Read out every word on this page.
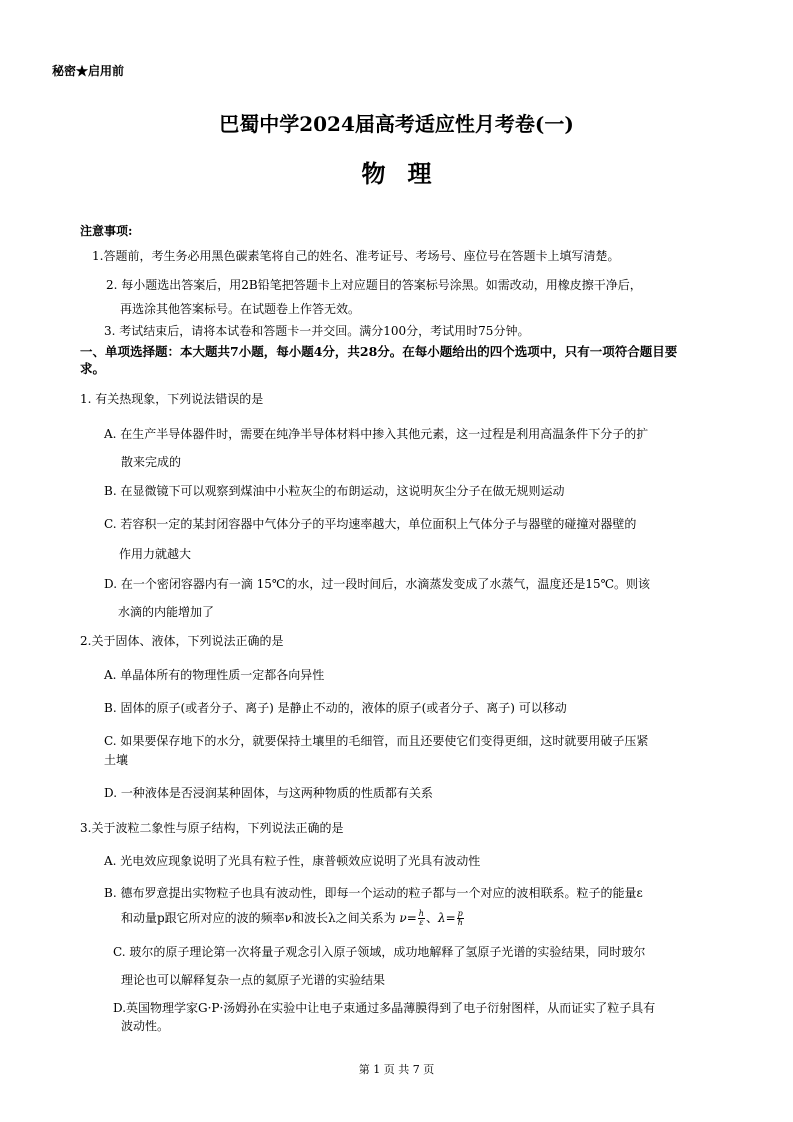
秘密★启用前
巴蜀中学2024届高考适应性月考卷(一)
物 理
注意事项:
1.答题前，考生务必用黑色碳素笔将自己的姓名、准考证号、考场号、座位号在答题卡上填写清楚。
2. 每小题选出答案后，用2B铅笔把答题卡上对应题目的答案标号涂黑。如需改动，用橡皮擦干净后，
再选涂其他答案标号。在试题卷上作答无效。
3. 考试结束后，请将本试卷和答题卡一并交回。满分100分，考试用时75分钟。
一、单项选择题：本大题共7小题，每小题4分，共28分。在每小题给出的四个选项中，只有一项符合题目要
求。
1. 有关热现象，下列说法错误的是
A. 在生产半导体器件时，需要在纯净半导体材料中掺入其他元素，这一过程是利用高温条件下分子的扩
散来完成的
B. 在显微镜下可以观察到煤油中小粒灰尘的布朗运动，这说明灰尘分子在做无规则运动
C. 若容积一定的某封闭容器中气体分子的平均速率越大，单位面积上气体分子与器壁的碰撞对器壁的
作用力就越大
D. 在一个密闭容器内有一滴 15℃的水，过一段时间后，水滴蒸发变成了水蒸气，温度还是15℃。则该
水滴的内能增加了
2.关于固体、液体，下列说法正确的是
A. 单晶体所有的物理性质一定都各向异性
B. 固体的原子(或者分子、离子) 是静止不动的，液体的原子(或者分子、离子) 可以移动
C. 如果要保存地下的水分，就要保持土壤里的毛细管，而且还要使它们变得更细，这时就要用破子压紧
土壤
D. 一种液体是否浸润某种固体，与这两种物质的性质都有关系
3.关于波粒二象性与原子结构，下列说法正确的是
A. 光电效应现象说明了光具有粒子性，康普顿效应说明了光具有波动性
B. 德布罗意提出实物粒子也具有波动性，即每一个运动的粒子都与一个对应的波相联系。粒子的能量ε
和动量p跟它所对应的波的频率ν和波长λ之间关系为 $\nu= \frac{h}{\varepsilon}$ 、$\lambda= \frac{p}{\text{ℏ}}$
C. 玻尔的原子理论第一次将量子观念引入原子领域，成功地解释了氢原子光谱的实验结果，同时玻尔
理论也可以解释复杂一点的氦原子光谱的实验结果
D.英国物理学家G·P·汤姆孙在实验中让电子束通过多晶薄膜得到了电子衍射图样，从而证实了粒子具有
波动性。
第 1 页 共 7 页
